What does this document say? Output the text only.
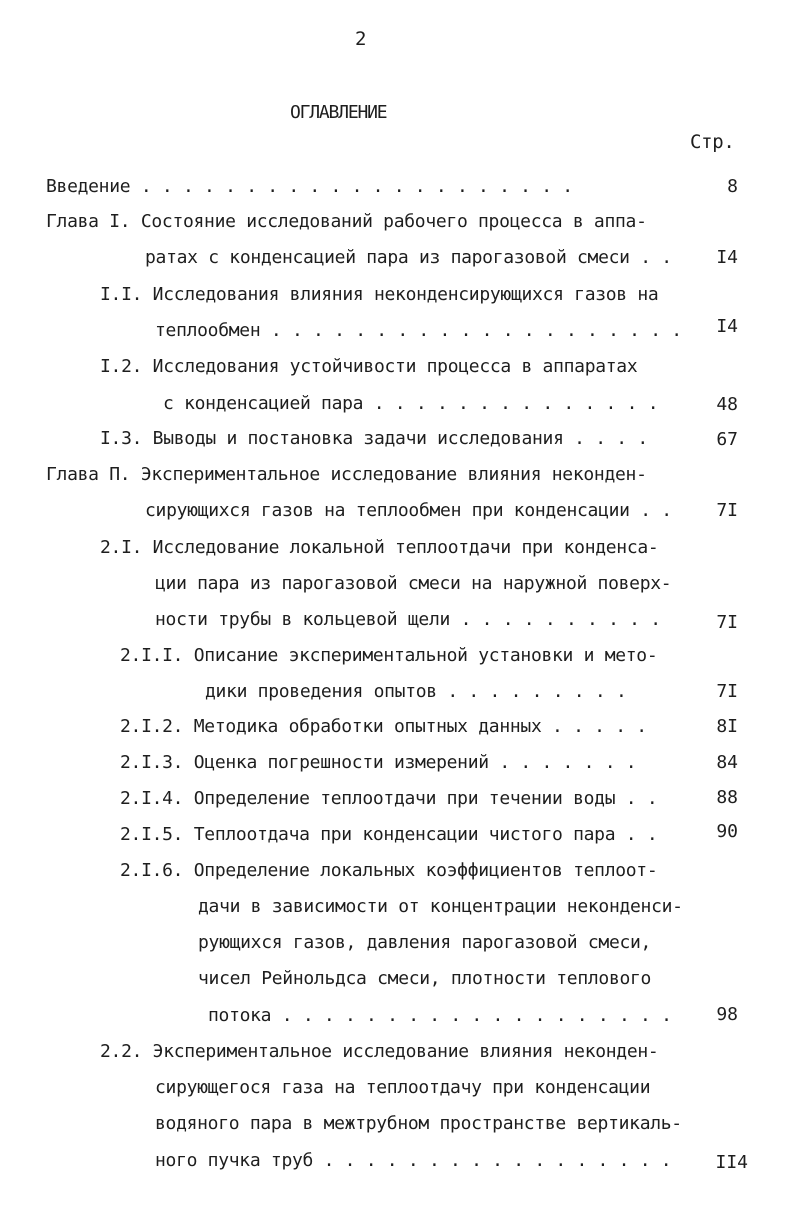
2
ОГЛАВЛЕНИЕ
Стр.
Введение . . . . . . . . . . . . . . . . . . . . .	8
Глава I. Состояние исследований рабочего процесса в аппа-
ратах с конденсацией пара из парогазовой смеси . .	I4
I.I. Исследования влияния неконденсирующихся газов на
теплообмен . . . . . . . . . . . . . . . . . . . .	I4
I.2. Исследования устойчивости процесса в аппаратах
с конденсацией пара . . . . . . . . . . . . . .	48
I.3. Выводы и постановка задачи исследования . . . .	67
Глава П. Экспериментальное исследование влияния неконден-
сирующихся газов на теплообмен при конденсации . .	7I
2.I. Исследование локальной теплоотдачи при конденса-
ции пара из парогазовой смеси на наружной поверх-
ности трубы в кольцевой щели . . . . . . . . . .	7I
2.I.I. Описание экспериментальной установки и мето-
дики проведения опытов . . . . . . . . .	7I
2.I.2. Методика обработки опытных данных . . . . .	8I
2.I.3. Оценка погрешности измерений . . . . . . .	84
2.I.4. Определение теплоотдачи при течении воды . .	88
2.I.5. Теплоотдача при конденсации чистого пара . .	90
2.I.6. Определение локальных коэффициентов теплоот-
дачи в зависимости от концентрации неконденси-
рующихся газов, давления парогазовой смеси,
чисел Рейнольдса смеси, плотности теплового
потока . . . . . . . . . . . . . . . . . . .	98
2.2. Экспериментальное исследование влияния неконден-
сирующегося газа на теплоотдачу при конденсации
водяного пара в межтрубном пространстве вертикаль-
ного пучка труб . . . . . . . . . . . . . . . . .	II4
